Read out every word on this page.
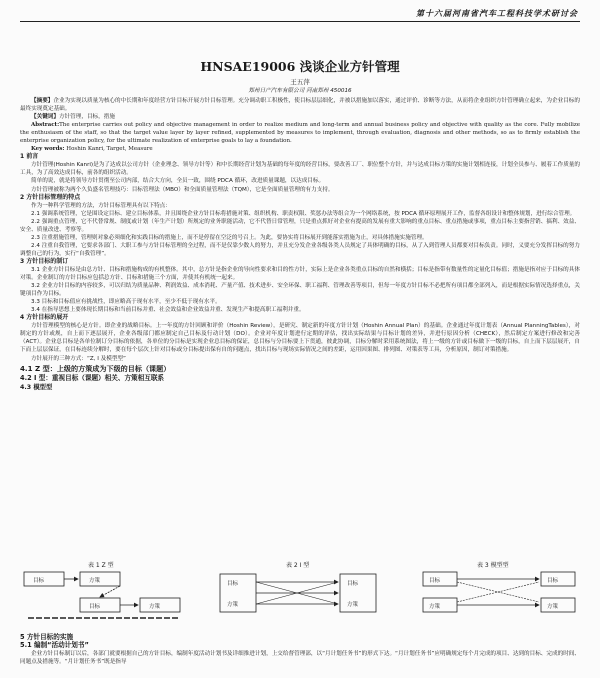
第十六届河南省汽车工程科技学术研讨会
HNSAE19006 浅谈企业方针管理
王五萍
郑州日产汽车有限公司 河南郑州 450016

【摘要】企业为实现以质量为核心的中长期和年度经营方针目标开展方针目标管理。充分调动职工积极性，使目标层层细化，并被以措施加以落实，通过评价、诊断等方法，从而将企业组织方针管理确立起来，为企业目标的最终实现奠定基础。

【关键词】方针管理，目标，措施

Abstract:The enterprise carries out policy and objective management in order to realize medium and long-term and annual business policy and objective with quality as the core. Fully mobilize the enthusiasm of the staff, so that the target value layer by layer refined, supplemented by measures to implement, through evaluation, diagnosis and other methods, so as to firmly establish the enterprise organization policy, for the ultimate realization of enterprise goals to lay a foundation.

Key words: Hoshin Kanri, Target, Measure

1 前言

方针管理(Hoshin Kanri)是为了达成以公司方针（企业理念、领导方针等）和中长期经营计划为基础的每年度的经营目标，要改善工厂、职位整个方针，并与达成目标方策的实施计划相连接，计划全员参与、履着工作质量的工具，为了高效达成目标，前各的组织活动。

简单的说，就是将领导方针贯彻至公司内部，结合大方向，全员一致，围绕 PDCA 循环，改进质量课题，以达成目标。

方针管理被称为两个久负盛名管理技巧：目标管理法（MBO）和全面质量管理法（TQM），它是全面质量管理的有力支持。

2 方针目标管理的特点

作为一种科学管理的方法，方针目标管理具有以下特点：

2.1 强调系统管理，它是围设定目标、建立目标体系，并且围绕企业方针目标将措施对策、组织机构、职责权限、奖惩办法等组合为一个网络系统，按 PDCA 循环原理展开工作，监督各组设计和整体规划，进行综合管理。

2.2 强调重点管理，它不代替常规、制度或计划（年生产计划）所规定的业务职能活动，它不代替日常管理，只是重点抓好对企业有提高的发展有重大影响的重点目标、重点措施或事项，重点目标主要指营销、搞利、效益、安全、质量改进、考察等。

2.3 注重措施管理，管理则对象必须细化和实践目标的措施上，而不是停留在空泛的号召上。为此，要协实将目标展开到能落实措施为止，对具体措施实施管理。

2.4 注重自我管理，它要求各部门、大职工参与方针目标管理的全过程，而不是仅靠少数人的努力，并且充分发企业各级各类人员规定了具体明确的目标，从了入到管理人员都要对目标负责。同时，义要充分发挥目标的努力调整自己的行为，实行“自我管理”。

3 方针目标的制订

3.1 企业方针目标是由总方针、目标和措施构成的有机整体。其中，总方针是指企业的导向性要求和目的性方针，实际上是企业各类重点目标的自然和横括；目标是指带有数量性的定量化目标值；措施是指对应于目标的具体对策。企业制订的方针目标应包括总方针、目标和措施三个方面，并使其有机统一起来。

3.2 企业方针目标的内容较多，可以归结为质量品种、利润效益、成本消耗、产量产值、技术进步、安全环保、职工福利、管理改善等项目，但每一年度方针目标不必把所有项目都全部列入，而是根据实际情况选择重点，关键项目作为目标。

3.3 目标和目标值应有挑战性，即应略高于现有水平，至少不低于现有水平。

3.4 在指导思想上要体现长期目标和当前目标并重、社会效益和企业效益并重、发现生产和提高职工福利并重。

4 方针目标的展开

方针管理模型的核心是方针。即企业的战略目标。上一年度的方针回顾和评价（Hoshin Review），是研究、制定新的年度方针计划（Hoshin Annual Plan）的基础。企业通过年度计划表（Annual PlanningTables），对制定的方针或规，自上而下逐层展开，企业各级部门都应制定自己目标及行动计划（DO）。企业对年度计划进行定期的评估，找出实际结果与目标计划的差异，并进行原因分析（CHECK），然后制定方案进行修改和完善（ACT）。企业总目标是各单位制订分目标的依据，各单位的分目标是实现企业总目标的保证，总目标与分目标要上下贯通，彼此协调，目标分解时采用系统图法，将上一级的方针或目标做下一级的目标，自上而下层层展开，自下而上层层保证，在目标连续分解时，要在每个层次上针对目标或分目标提出保有自的问题点，找出目标与现场实际情况之间的差距，运用因果图、排列图、对策表等工具，分析原因，制订对策措施。

方针展开的三种方式：“Z, I 及模型型”

4.1 Z 型：上级的方策成为下级的目标（课题）

4.2 I 型：重视目标（课题）相关、方策相互联系

4.3 模型型

表 1 Z 型
目标	方策
目标	方策
表 2 I 型
目标
方策
目标
方策
表 3 模型型
目标
方策
目标
方策

5 方针目标的实施

5.1 编制“活动计划书”

企业方针目标制订以后，各部门就要根据自己的方针目标，编制年度活动计划书及详细推进计划，上交给督管理部，以“月计划任务书”的形式下达。“月计划任务书”应明确规定每个月完成的项目、达到的目标、完成的时间、同题点及措施等。“月计划任务书”既是指导
